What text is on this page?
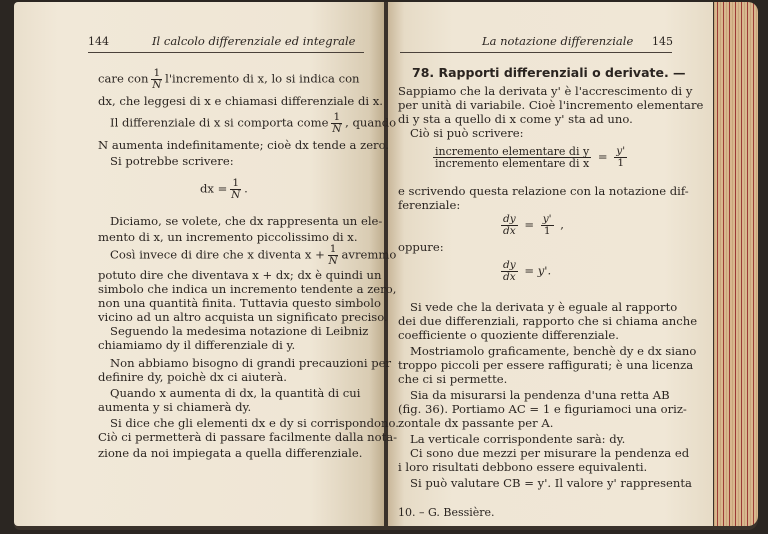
144	Il calcolo differenziale ed integrale
care con $\frac{1}{N}$ l'incremento di x, lo si indica con
dx, che leggesi di x e chiamasi differenziale di x.
Il differenziale di x si comporta come $\frac{1}{N}$ , quando
N aumenta indefinitamente; cioè dx tende a zero.
Si potrebbe scrivere:
dx = $\frac{1}{N}$ .
Diciamo, se volete, che dx rappresenta un ele-
mento di x, un incremento piccolissimo di x.
Così invece di dire che x diventa $x + \frac{1}{N}$ avremmo
potuto dire che diventava x + dx; dx è quindi un
simbolo che indica un incremento tendente a zero,
non una quantità finita. Tuttavia questo simbolo
vicino ad un altro acquista un significato preciso.
Seguendo la medesima notazione di Leibniz
chiamiamo dy il differenziale di y.
Non abbiamo bisogno di grandi precauzioni per
definire dy, poichè dx ci aiuterà.
Quando x aumenta di dx, la quantità di cui
aumenta y si chiamerà dy.
Si dice che gli elementi dx e dy si corrispondono.
Ciò ci permetterà di passare facilmente dalla nota-
zione da noi impiegata a quella differenziale.
La notazione differenziale 145
78. Rapporti differenziali o derivate. —
Sappiamo che la derivata y' è l'accrescimento di y
per unità di variabile. Cioè l'incremento elementare
di y sta a quello di x come y' sta ad uno.
Ciò si può scrivere:
$\frac{\text{incremento elementare di y}}{\text{incremento elementare di x}} = \frac{y'}{1}$
e scrivendo questa relazione con la notazione dif-
ferenziale:
$\frac{dy}{dx} = \frac{y'}{1}$ ,
oppure:
$\frac{dy}{dx} = y'$.
Si vede che la derivata y è eguale al rapporto
dei due differenziali, rapporto che si chiama anche
coefficiente o quoziente differenziale.
Mostriamolo graficamente, benchè dy e dx siano
troppo piccoli per essere raffigurati; è una licenza
che ci si permette.
Sia da misurarsi la pendenza d'una retta AB
(fig. 36). Portiamo AC = 1 e figuriamoci una oriz-
zontale dx passante per A.
La verticale corrispondente sarà: dy.
Ci sono due mezzi per misurare la pendenza ed
i loro risultati debbono essere equivalenti.
Si può valutare CB = y'. Il valore y' rappresenta
10. – G. Bessière.
